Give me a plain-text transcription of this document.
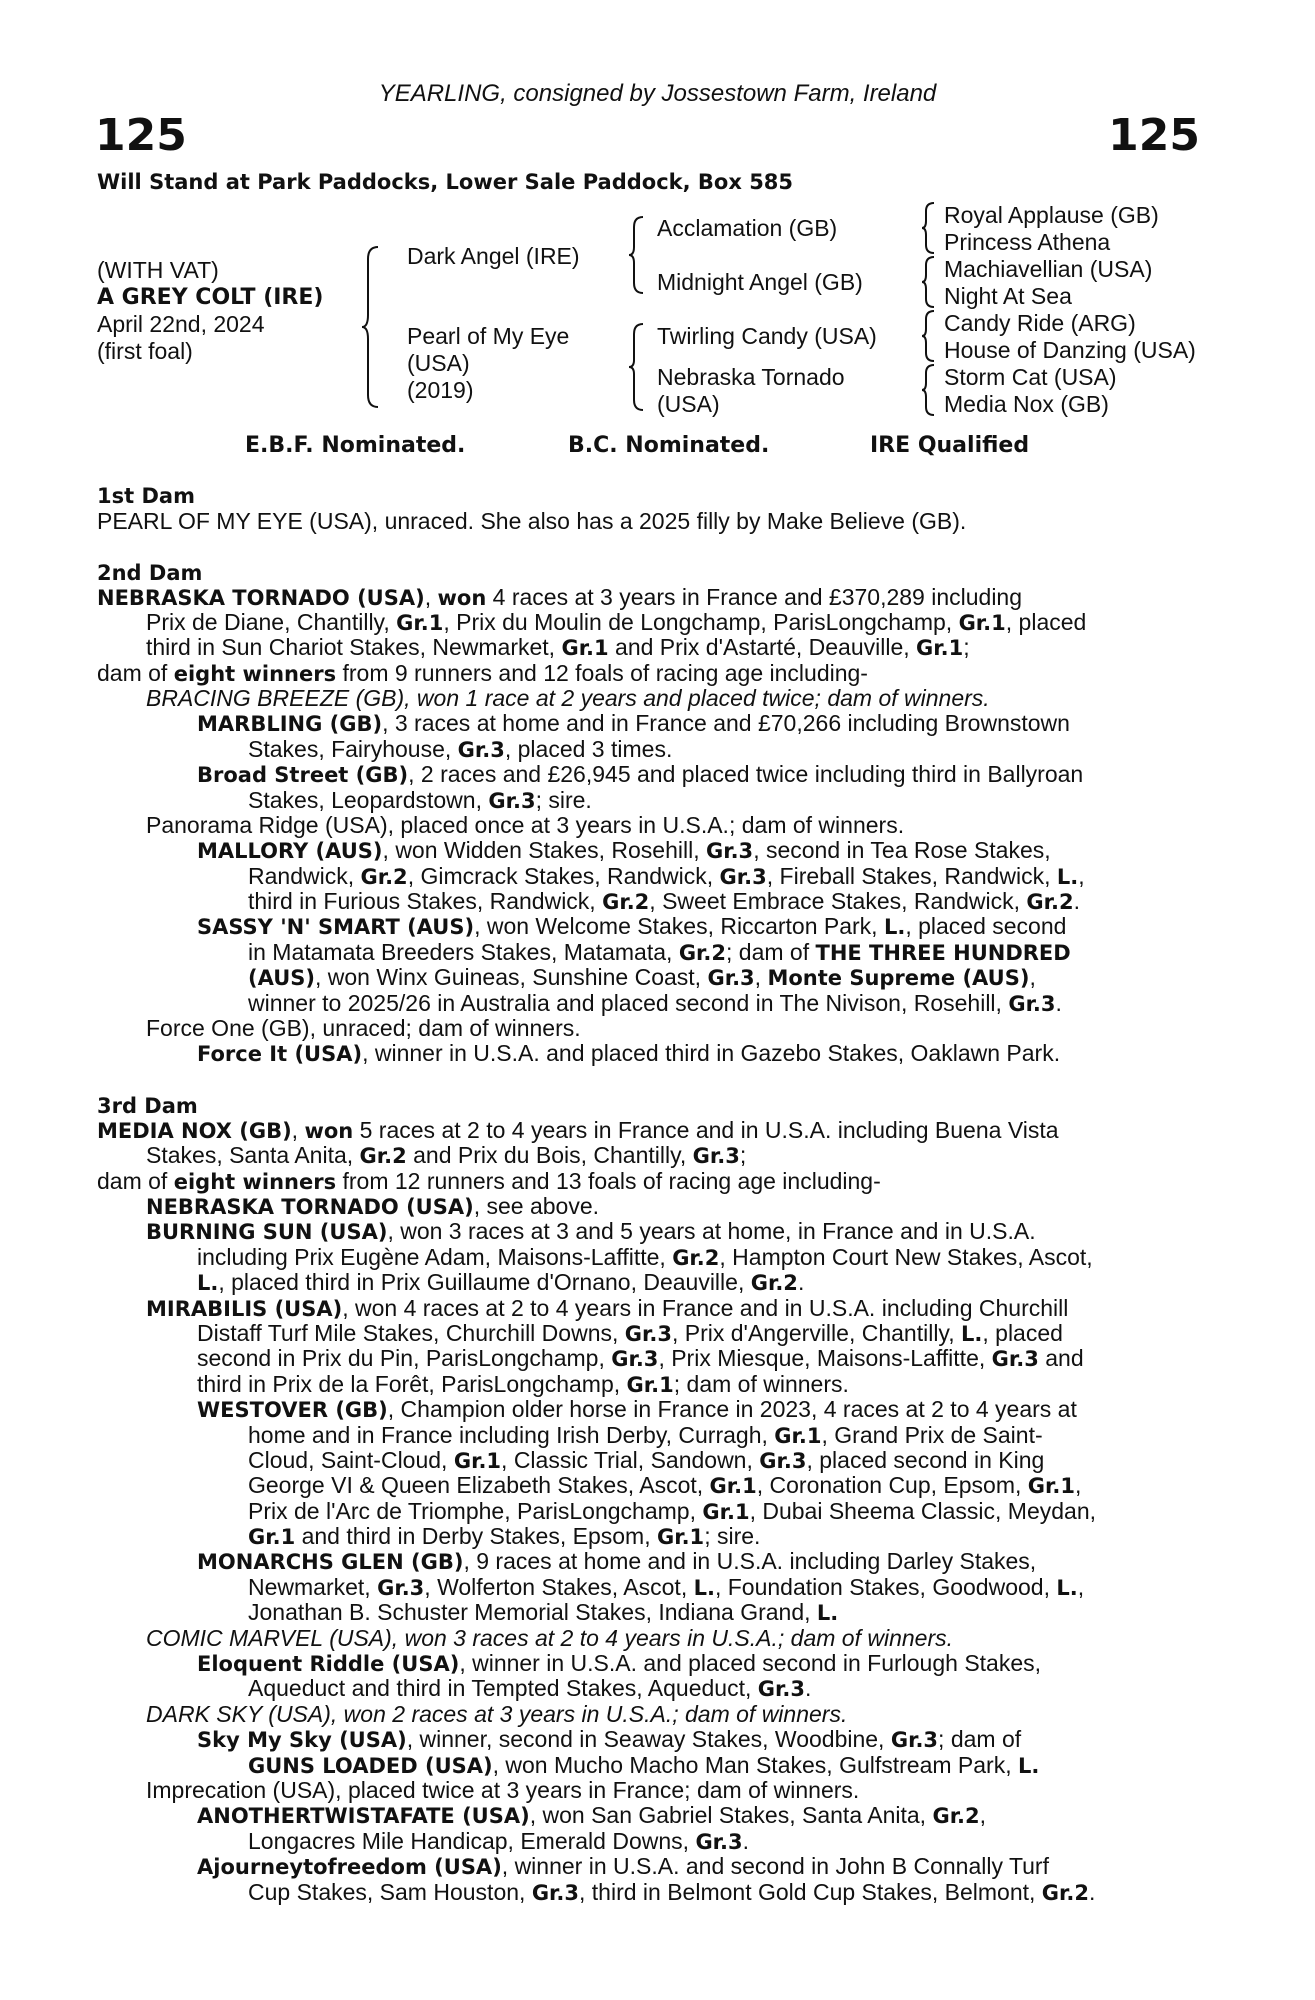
YEARLING, consigned by Jossestown Farm, Ireland
125	125
Will Stand at Park Paddocks, Lower Sale Paddock, Box 585
(WITH VAT)
A GREY COLT (IRE)
April 22nd, 2024
(first foal)
Dark Angel (IRE)
Pearl of My Eye
(USA)
(2019)
Acclamation (GB)
Midnight Angel (GB)
Twirling Candy (USA)
Nebraska Tornado
(USA)
Royal Applause (GB)
Princess Athena
Machiavellian (USA)
Night At Sea
Candy Ride (ARG)
House of Danzing (USA)
Storm Cat (USA)
Media Nox (GB)
E.B.F. Nominated.	B.C. Nominated.	IRE Qualified
1st Dam
PEARL OF MY EYE (USA), unraced. She also has a 2025 filly by Make Believe (GB).
2nd Dam
NEBRASKA TORNADO (USA), won 4 races at 3 years in France and £370,289 including
Prix de Diane, Chantilly, Gr.1, Prix du Moulin de Longchamp, ParisLongchamp, Gr.1, placed
third in Sun Chariot Stakes, Newmarket, Gr.1 and Prix d'Astarté, Deauville, Gr.1;
dam of eight winners from 9 runners and 12 foals of racing age including-
BRACING BREEZE (GB), won 1 race at 2 years and placed twice; dam of winners.
MARBLING (GB), 3 races at home and in France and £70,266 including Brownstown
Stakes, Fairyhouse, Gr.3, placed 3 times.
Broad Street (GB), 2 races and £26,945 and placed twice including third in Ballyroan
Stakes, Leopardstown, Gr.3; sire.
Panorama Ridge (USA), placed once at 3 years in U.S.A.; dam of winners.
MALLORY (AUS), won Widden Stakes, Rosehill, Gr.3, second in Tea Rose Stakes,
Randwick, Gr.2, Gimcrack Stakes, Randwick, Gr.3, Fireball Stakes, Randwick, L.,
third in Furious Stakes, Randwick, Gr.2, Sweet Embrace Stakes, Randwick, Gr.2.
SASSY 'N' SMART (AUS), won Welcome Stakes, Riccarton Park, L., placed second
in Matamata Breeders Stakes, Matamata, Gr.2; dam of THE THREE HUNDRED
(AUS), won Winx Guineas, Sunshine Coast, Gr.3, Monte Supreme (AUS),
winner to 2025/26 in Australia and placed second in The Nivison, Rosehill, Gr.3.
Force One (GB), unraced; dam of winners.
Force It (USA), winner in U.S.A. and placed third in Gazebo Stakes, Oaklawn Park.
3rd Dam
MEDIA NOX (GB), won 5 races at 2 to 4 years in France and in U.S.A. including Buena Vista
Stakes, Santa Anita, Gr.2 and Prix du Bois, Chantilly, Gr.3;
dam of eight winners from 12 runners and 13 foals of racing age including-
NEBRASKA TORNADO (USA), see above.
BURNING SUN (USA), won 3 races at 3 and 5 years at home, in France and in U.S.A.
including Prix Eugène Adam, Maisons-Laffitte, Gr.2, Hampton Court New Stakes, Ascot,
L., placed third in Prix Guillaume d'Ornano, Deauville, Gr.2.
MIRABILIS (USA), won 4 races at 2 to 4 years in France and in U.S.A. including Churchill
Distaff Turf Mile Stakes, Churchill Downs, Gr.3, Prix d'Angerville, Chantilly, L., placed
second in Prix du Pin, ParisLongchamp, Gr.3, Prix Miesque, Maisons-Laffitte, Gr.3 and
third in Prix de la Forêt, ParisLongchamp, Gr.1; dam of winners.
WESTOVER (GB), Champion older horse in France in 2023, 4 races at 2 to 4 years at
home and in France including Irish Derby, Curragh, Gr.1, Grand Prix de Saint-
Cloud, Saint-Cloud, Gr.1, Classic Trial, Sandown, Gr.3, placed second in King
George VI & Queen Elizabeth Stakes, Ascot, Gr.1, Coronation Cup, Epsom, Gr.1,
Prix de l'Arc de Triomphe, ParisLongchamp, Gr.1, Dubai Sheema Classic, Meydan,
Gr.1 and third in Derby Stakes, Epsom, Gr.1; sire.
MONARCHS GLEN (GB), 9 races at home and in U.S.A. including Darley Stakes,
Newmarket, Gr.3, Wolferton Stakes, Ascot, L., Foundation Stakes, Goodwood, L.,
Jonathan B. Schuster Memorial Stakes, Indiana Grand, L.
COMIC MARVEL (USA), won 3 races at 2 to 4 years in U.S.A.; dam of winners.
Eloquent Riddle (USA), winner in U.S.A. and placed second in Furlough Stakes,
Aqueduct and third in Tempted Stakes, Aqueduct, Gr.3.
DARK SKY (USA), won 2 races at 3 years in U.S.A.; dam of winners.
Sky My Sky (USA), winner, second in Seaway Stakes, Woodbine, Gr.3; dam of
GUNS LOADED (USA), won Mucho Macho Man Stakes, Gulfstream Park, L.
Imprecation (USA), placed twice at 3 years in France; dam of winners.
ANOTHERTWISTAFATE (USA), won San Gabriel Stakes, Santa Anita, Gr.2,
Longacres Mile Handicap, Emerald Downs, Gr.3.
Ajourneytofreedom (USA), winner in U.S.A. and second in John B Connally Turf
Cup Stakes, Sam Houston, Gr.3, third in Belmont Gold Cup Stakes, Belmont, Gr.2.
